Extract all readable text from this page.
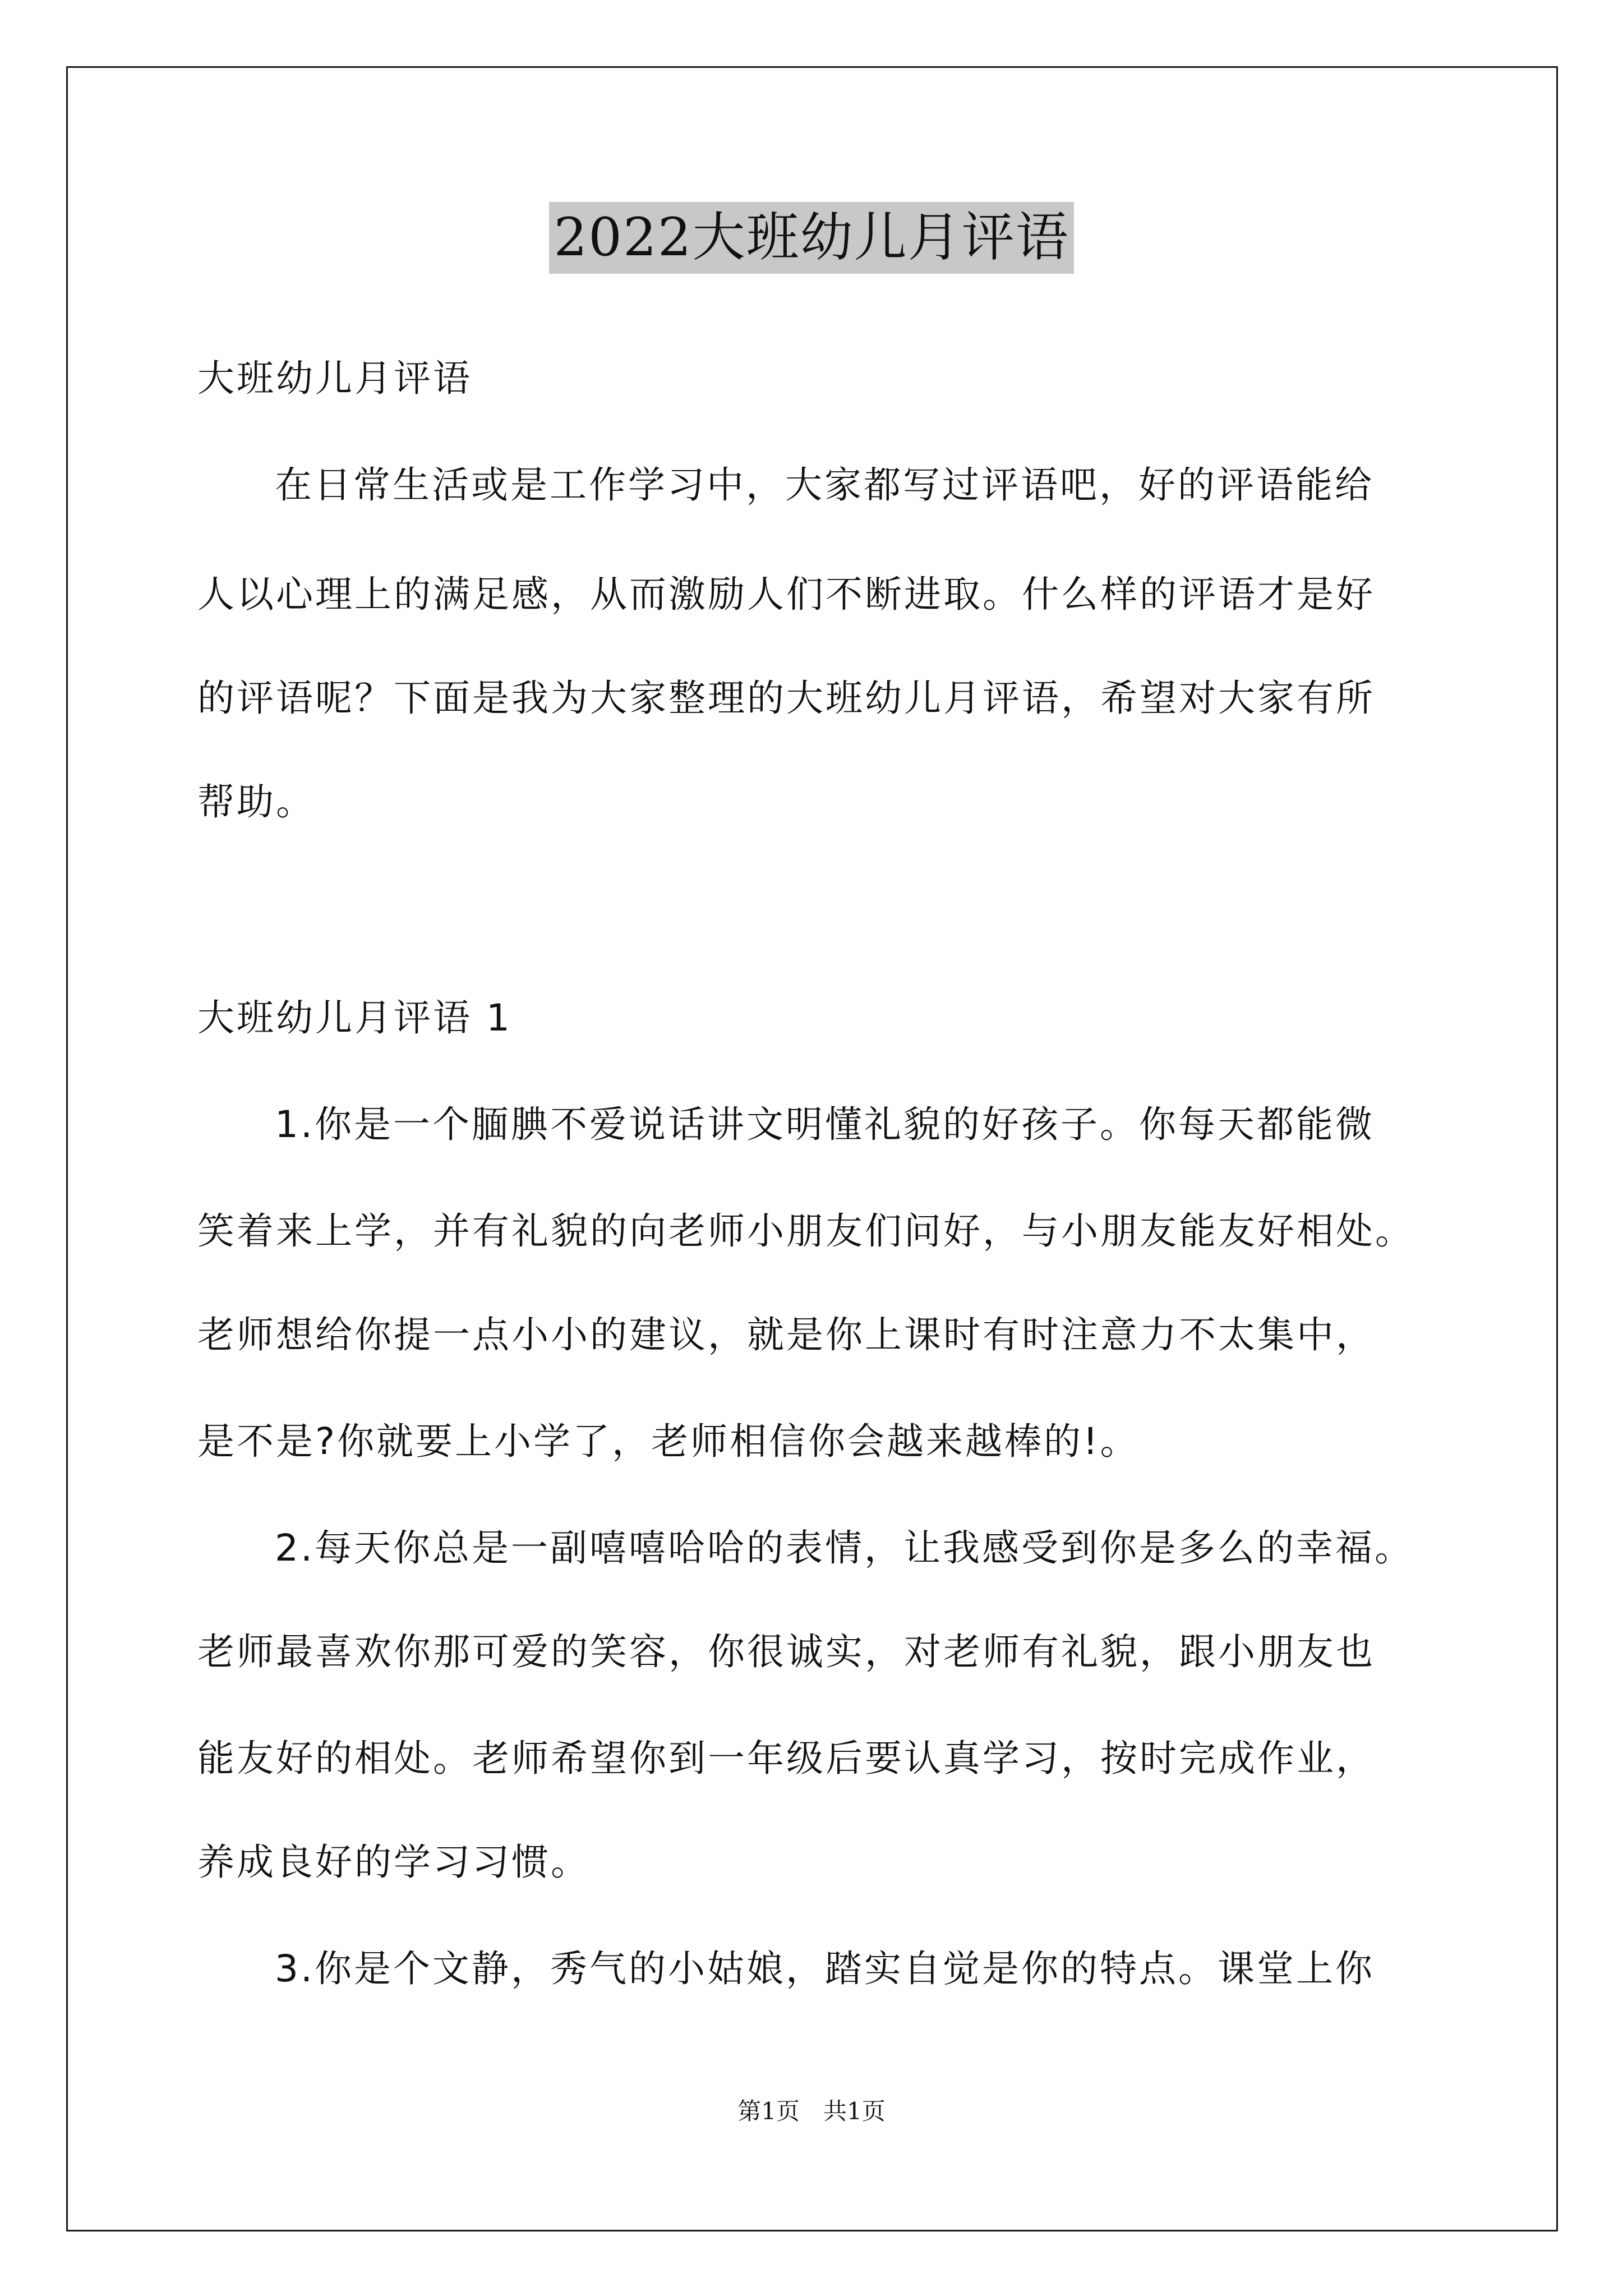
2022大班幼儿月评语
大班幼儿月评语
在日常生活或是工作学习中，大家都写过评语吧，好的评语能给
人以心理上的满足感，从而激励人们不断进取。什么样的评语才是好
的评语呢？下面是我为大家整理的大班幼儿月评语，希望对大家有所
帮助。
大班幼儿月评语 1
1.你是一个腼腆不爱说话讲文明懂礼貌的好孩子。你每天都能微
笑着来上学，并有礼貌的向老师小朋友们问好，与小朋友能友好相处。
老师想给你提一点小小的建议，就是你上课时有时注意力不太集中，
是不是?你就要上小学了，老师相信你会越来越棒的!。
2.每天你总是一副嘻嘻哈哈的表情，让我感受到你是多么的幸福。
老师最喜欢你那可爱的笑容，你很诚实，对老师有礼貌，跟小朋友也
能友好的相处。老师希望你到一年级后要认真学习，按时完成作业，
养成良好的学习习惯。
3.你是个文静，秀气的小姑娘，踏实自觉是你的特点。课堂上你
第1页　共1页
